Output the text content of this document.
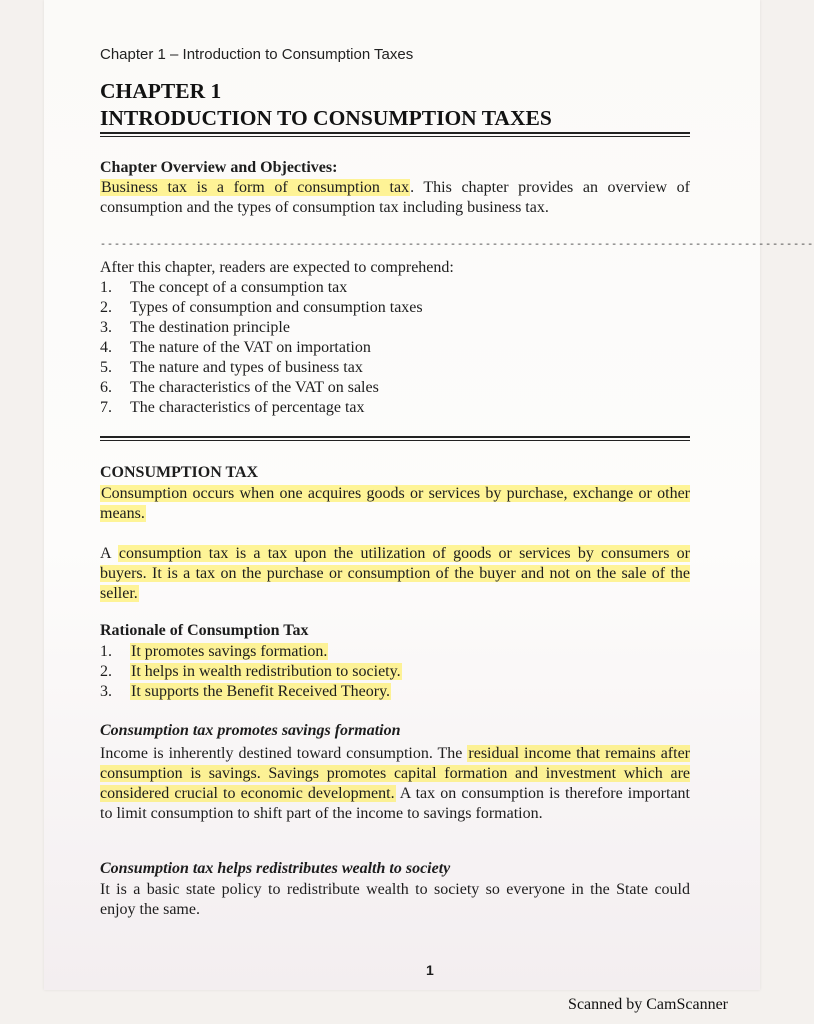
Chapter 1 – Introduction to Consumption Taxes
CHAPTER 1
INTRODUCTION TO CONSUMPTION TAXES
Chapter Overview and Objectives:
Business tax is a form of consumption tax. This chapter provides an overview of consumption and the types of consumption tax including business tax.
------------------------------------------------------------------------------------------------------
After this chapter, readers are expected to comprehend:
1.	The concept of a consumption tax
2.	Types of consumption and consumption taxes
3.	The destination principle
4.	The nature of the VAT on importation
5.	The nature and types of business tax
6.	The characteristics of the VAT on sales
7.	The characteristics of percentage tax
CONSUMPTION TAX
Consumption occurs when one acquires goods or services by purchase, exchange or other means.
A consumption tax is a tax upon the utilization of goods or services by consumers or buyers. It is a tax on the purchase or consumption of the buyer and not on the sale of the seller.
Rationale of Consumption Tax
1.	It promotes savings formation.
2.	It helps in wealth redistribution to society.
3.	It supports the Benefit Received Theory.
Consumption tax promotes savings formation
Income is inherently destined toward consumption. The residual income that remains after consumption is savings. Savings promotes capital formation and investment which are considered crucial to economic development. A tax on consumption is therefore important to limit consumption to shift part of the income to savings formation.
Consumption tax helps redistributes wealth to society
It is a basic state policy to redistribute wealth to society so everyone in the State could enjoy the same.
1
Scanned by CamScanner
